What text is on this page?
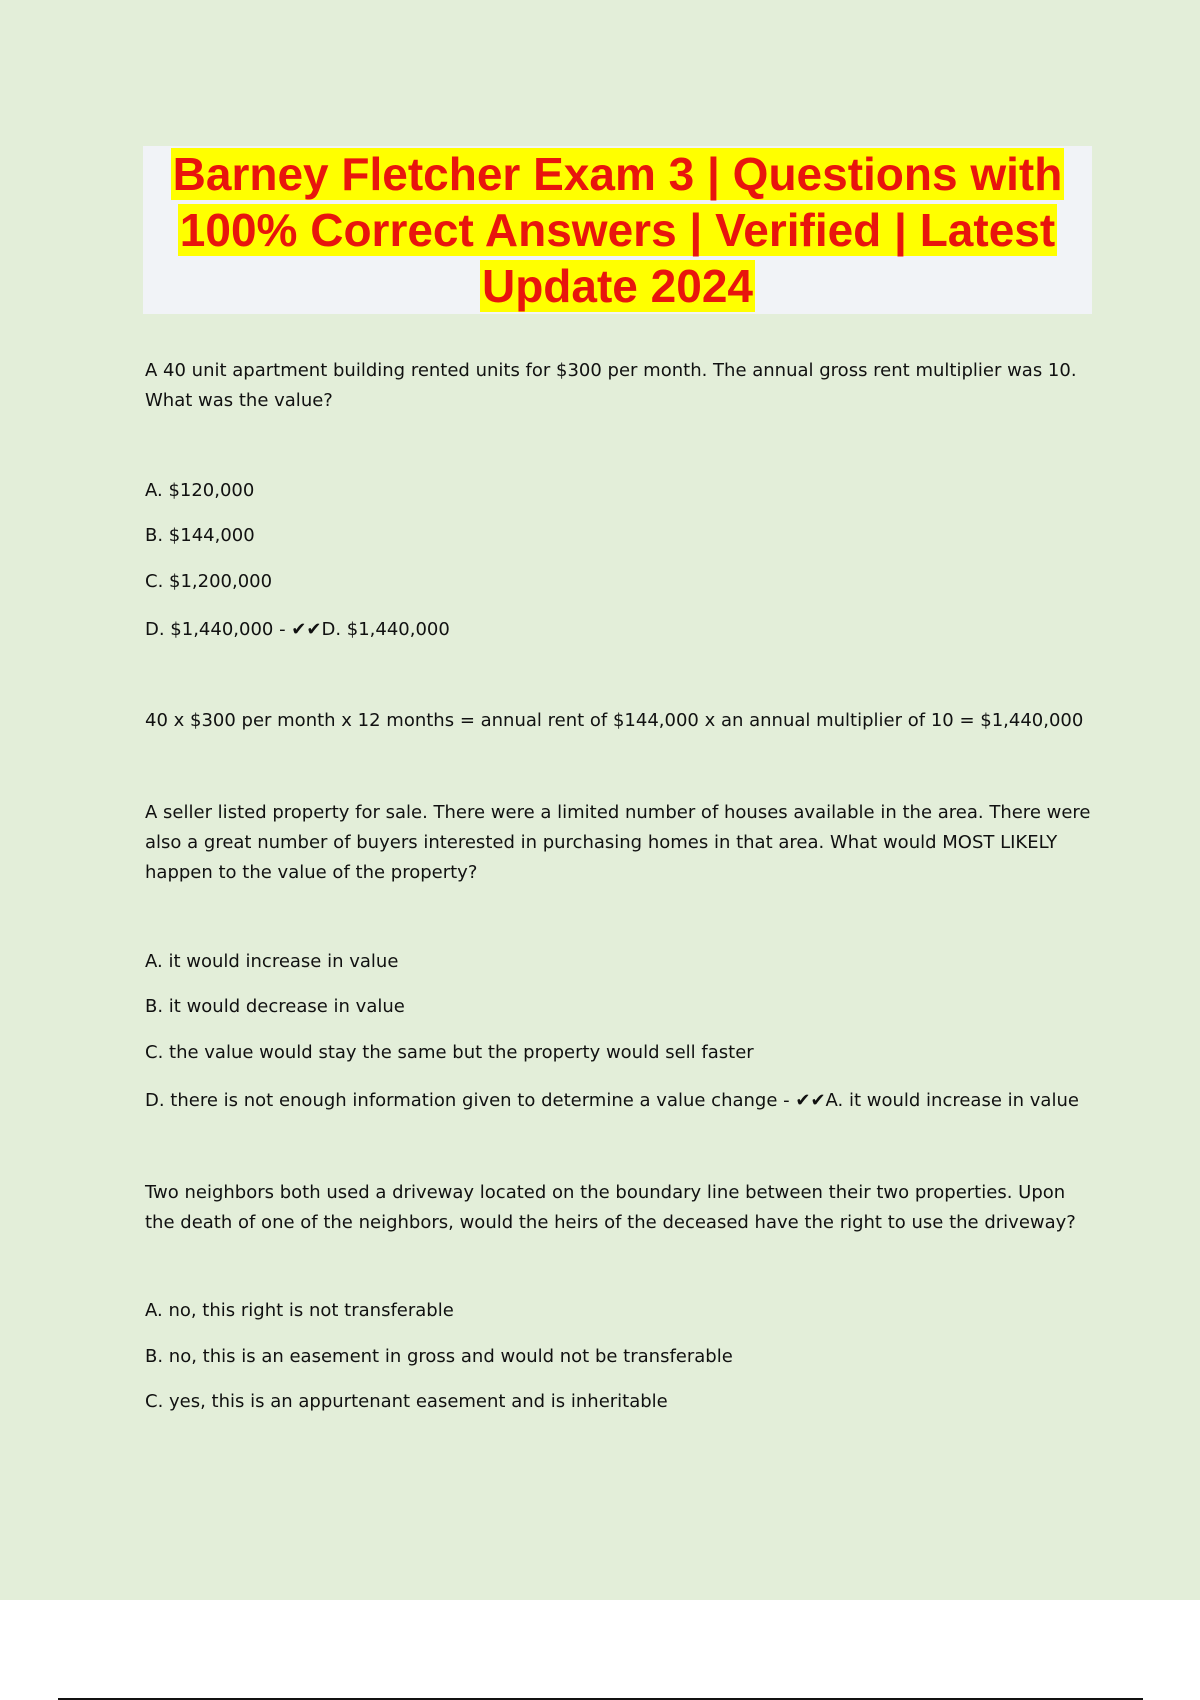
Barney Fletcher Exam 3 | Questions with
100% Correct Answers | Verified | Latest
Update 2024

A 40 unit apartment building rented units for $300 per month. The annual gross rent multiplier was 10. What was the value?

A. $120,000

B. $144,000

C. $1,200,000

D. $1,440,000 - ✔✔D. $1,440,000

40 x $300 per month x 12 months = annual rent of $144,000 x an annual multiplier of 10 = $1,440,000

A seller listed property for sale. There were a limited number of houses available in the area. There were also a great number of buyers interested in purchasing homes in that area. What would MOST LIKELY happen to the value of the property?

A. it would increase in value

B. it would decrease in value

C. the value would stay the same but the property would sell faster

D. there is not enough information given to determine a value change - ✔✔A. it would increase in value

Two neighbors both used a driveway located on the boundary line between their two properties. Upon the death of one of the neighbors, would the heirs of the deceased have the right to use the driveway?

A. no, this right is not transferable

B. no, this is an easement in gross and would not be transferable

C. yes, this is an appurtenant easement and is inheritable
